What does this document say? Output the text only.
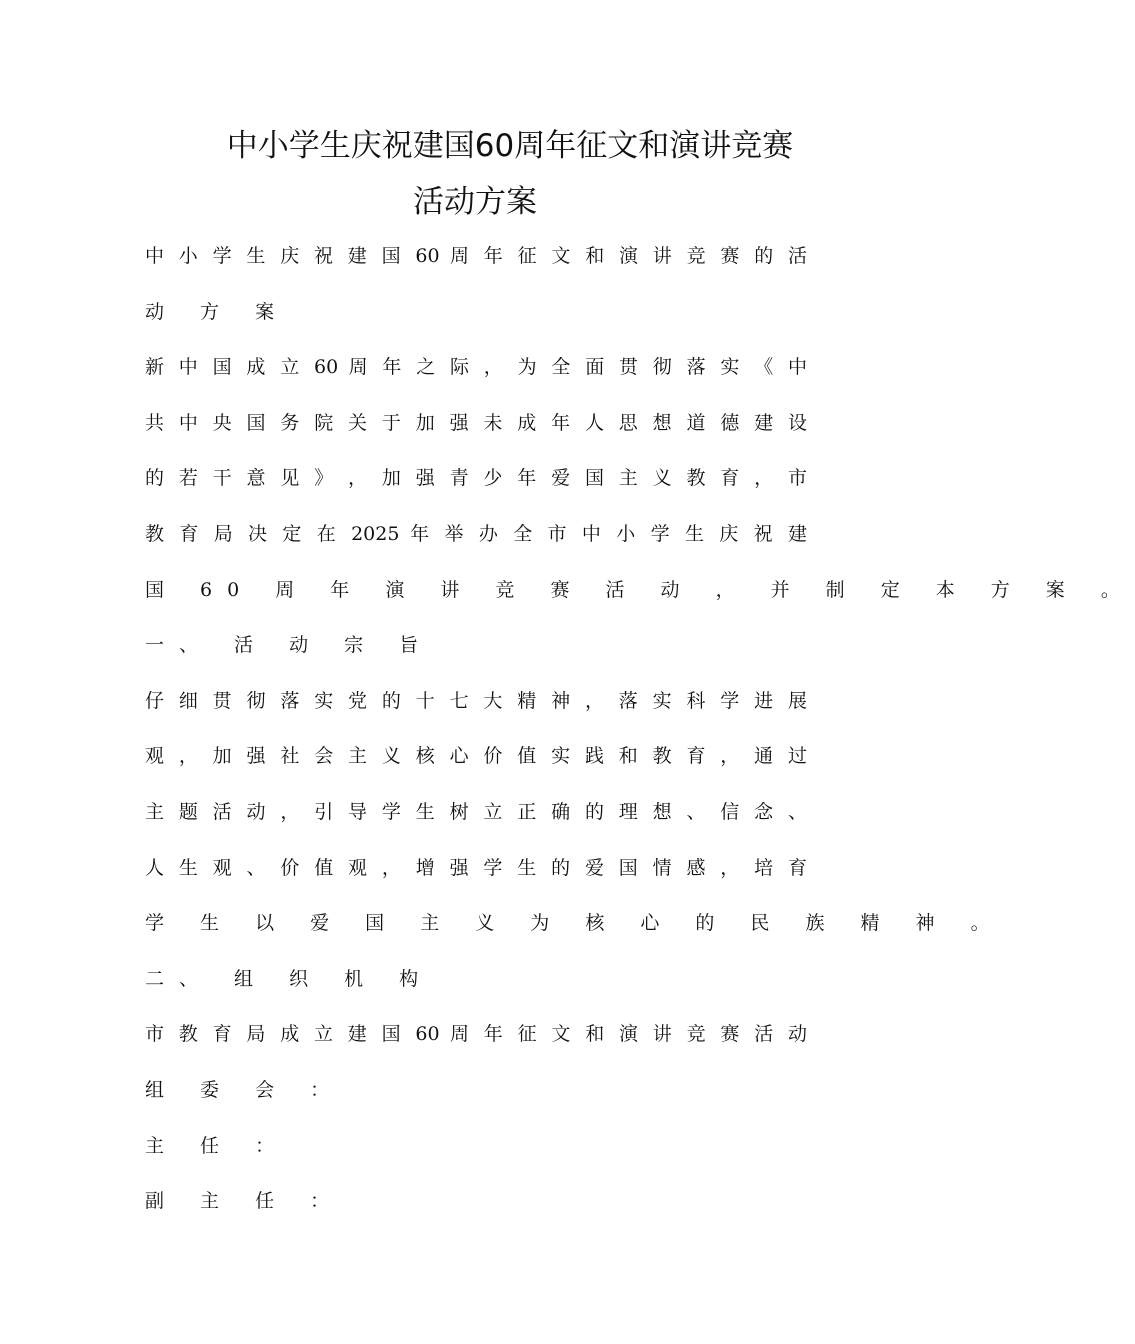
中小学生庆祝建国60周年征文和演讲竞赛
活动方案
中 小 学 生 庆 祝 建 国 60 周 年 征 文 和 演 讲 竞 赛 的 活
动 方 案
新 中 国 成 立 60 周 年 之 际 ， 为 全 面 贯 彻 落 实 《 中
共 中 央 国 务 院 关 于 加 强 未 成 年 人 思 想 道 德 建 设
的 若 干 意 见 》 ， 加 强 青 少 年 爱 国 主 义 教 育 ， 市
教 育 局 决 定 在 2025 年 举 办 全 市 中 小 学 生 庆 祝 建
国 60 周 年 演 讲 竞 赛 活 动 ， 并 制 定 本 方 案 。
一、 活 动 宗 旨
仔 细 贯 彻 落 实 党 的 十 七 大 精 神 ， 落 实 科 学 进 展
观 ， 加 强 社 会 主 义 核 心 价 值 实 践 和 教 育 ， 通 过
主 题 活 动 ， 引 导 学 生 树 立 正 确 的 理 想 、 信 念 、
人 生 观 、 价 值 观 ， 增 强 学 生 的 爱 国 情 感 ， 培 育
学 生 以 爱 国 主 义 为 核 心 的 民 族 精 神 。
二、 组 织 机 构
市 教 育 局 成 立 建 国 60 周 年 征 文 和 演 讲 竞 赛 活 动
组 委 会 ：
主 任 ：
副 主 任 ：
